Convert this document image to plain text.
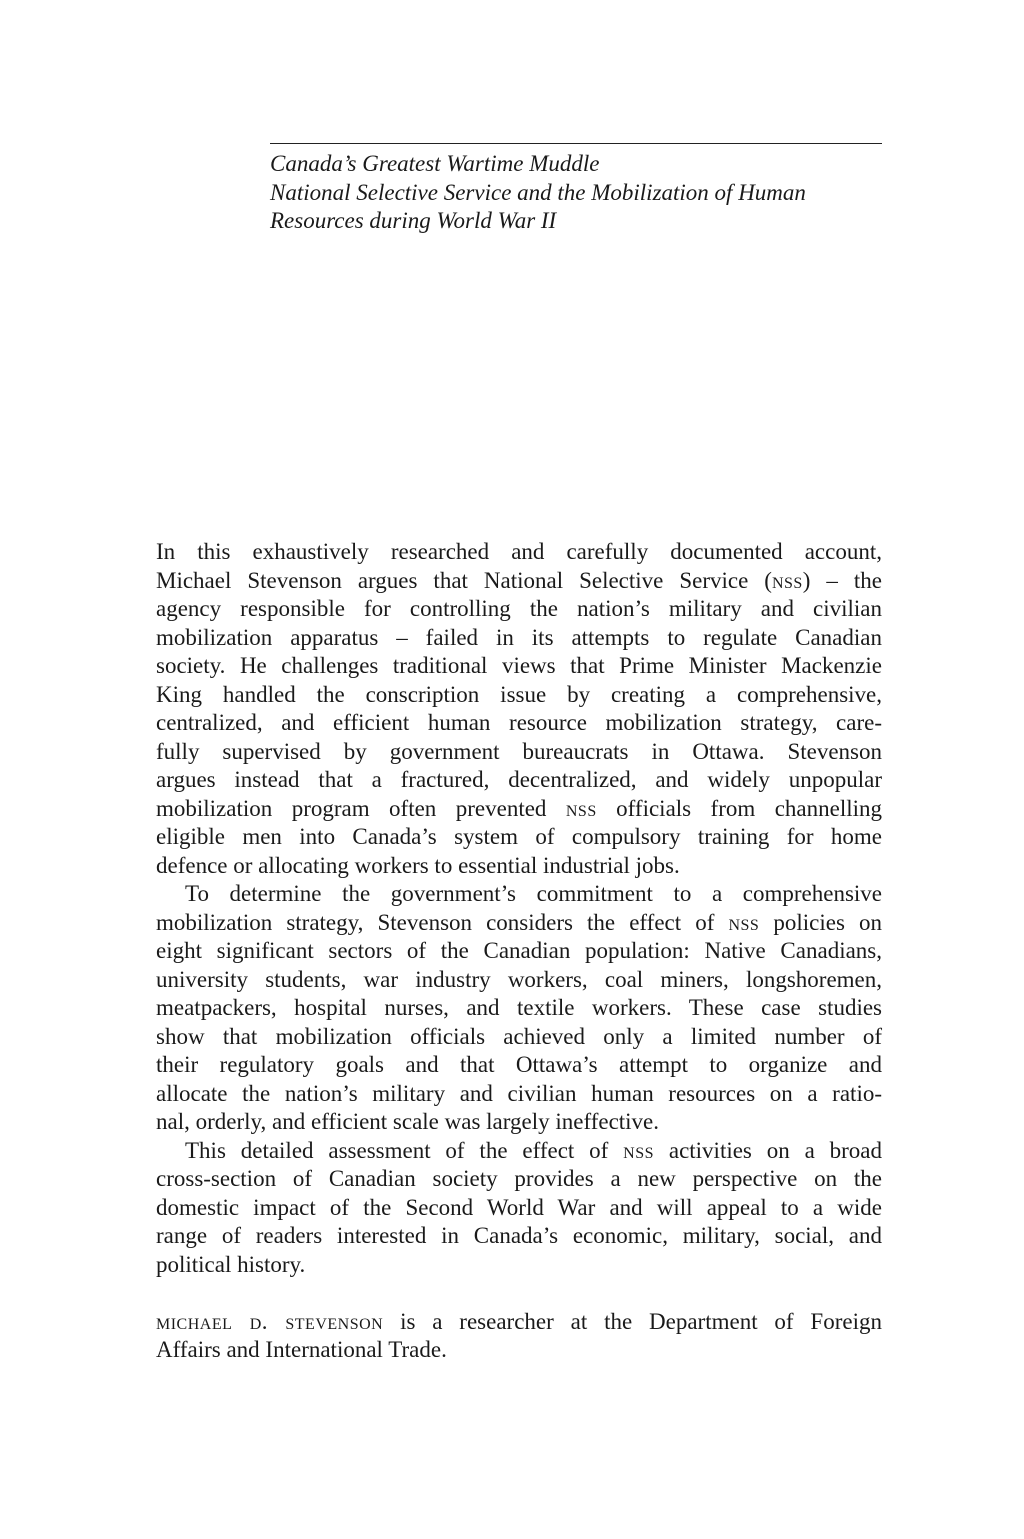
Canada’s Greatest Wartime Muddle
National Selective Service and the Mobilization of Human
Resources during World War II
In this exhaustively researched and carefully documented account,
Michael Stevenson argues that National Selective Service (nss) – the
agency responsible for controlling the nation’s military and civilian
mobilization apparatus – failed in its attempts to regulate Canadian
society. He challenges traditional views that Prime Minister Mackenzie
King handled the conscription issue by creating a comprehensive,
centralized, and efficient human resource mobilization strategy, care-
fully supervised by government bureaucrats in Ottawa. Stevenson
argues instead that a fractured, decentralized, and widely unpopular
mobilization program often prevented nss officials from channelling
eligible men into Canada’s system of compulsory training for home
defence or allocating workers to essential industrial jobs.
To determine the government’s commitment to a comprehensive
mobilization strategy, Stevenson considers the effect of nss policies on
eight significant sectors of the Canadian population: Native Canadians,
university students, war industry workers, coal miners, longshoremen,
meatpackers, hospital nurses, and textile workers. These case studies
show that mobilization officials achieved only a limited number of
their regulatory goals and that Ottawa’s attempt to organize and
allocate the nation’s military and civilian human resources on a ratio-
nal, orderly, and efficient scale was largely ineffective.
This detailed assessment of the effect of nss activities on a broad
cross-section of Canadian society provides a new perspective on the
domestic impact of the Second World War and will appeal to a wide
range of readers interested in Canada’s economic, military, social, and
political history.
michael d. stevenson is a researcher at the Department of Foreign
Affairs and International Trade.
